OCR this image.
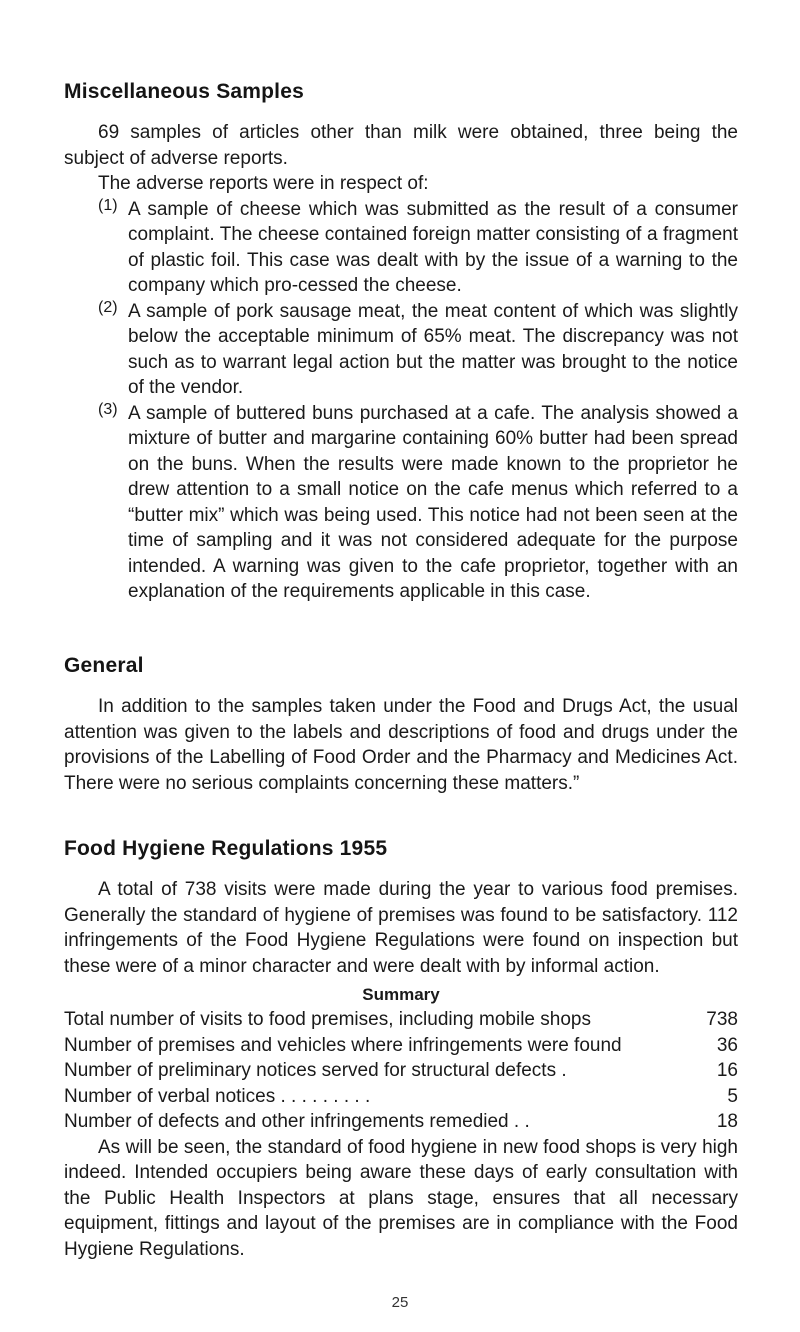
Miscellaneous Samples

69 samples of articles other than milk were obtained, three being the subject of adverse reports.

The adverse reports were in respect of:

(1) A sample of cheese which was submitted as the result of a consumer complaint. The cheese contained foreign matter consisting of a fragment of plastic foil. This case was dealt with by the issue of a warning to the company which pro-cessed the cheese.

(2) A sample of pork sausage meat, the meat content of which was slightly below the acceptable minimum of 65% meat. The discrepancy was not such as to warrant legal action but the matter was brought to the notice of the vendor.

(3) A sample of buttered buns purchased at a cafe. The analysis showed a mixture of butter and margarine containing 60% butter had been spread on the buns. When the results were made known to the proprietor he drew attention to a small notice on the cafe menus which referred to a “butter mix” which was being used. This notice had not been seen at the time of sampling and it was not considered adequate for the purpose intended. A warning was given to the cafe proprietor, together with an explanation of the requirements applicable in this case.

General

In addition to the samples taken under the Food and Drugs Act, the usual attention was given to the labels and descriptions of food and drugs under the provisions of the Labelling of Food Order and the Pharmacy and Medicines Act. There were no serious complaints concerning these matters.”

Food Hygiene Regulations 1955

A total of 738 visits were made during the year to various food premises. Generally the standard of hygiene of premises was found to be satisfactory. 112 infringements of the Food Hygiene Regulations were found on inspection but these were of a minor character and were dealt with by informal action.

Summary
Total number of visits to food premises, including mobile shops	738
Number of premises and vehicles where infringements were found	36
Number of preliminary notices served for structural defects .	16
Number of verbal notices . . . . . . . . .	5
Number of defects and other infringements remedied . .	18

As will be seen, the standard of food hygiene in new food shops is very high indeed. Intended occupiers being aware these days of early consultation with the Public Health Inspectors at plans stage, ensures that all necessary equipment, fittings and layout of the premises are in compliance with the Food Hygiene Regulations.

25
